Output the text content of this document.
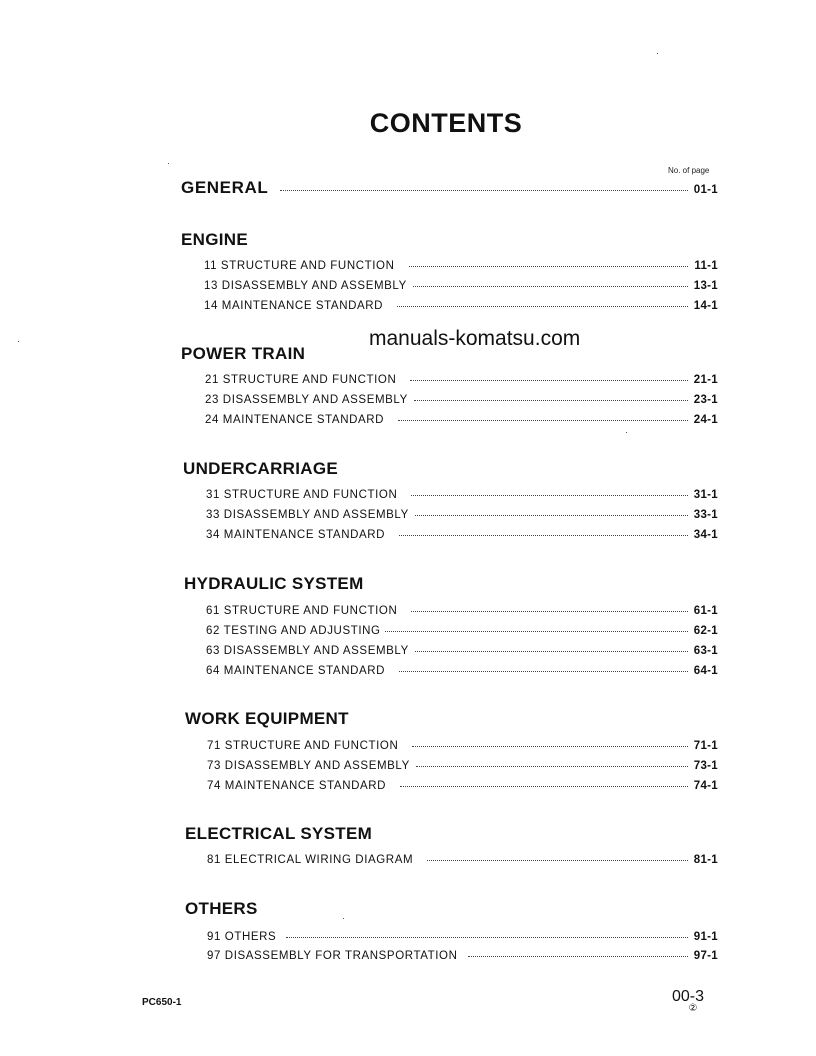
CONTENTS
No. of page
GENERAL	01-1
ENGINE
11 STRUCTURE AND FUNCTION	11-1
13 DISASSEMBLY AND ASSEMBLY	13-1
14 MAINTENANCE STANDARD	14-1
manuals-komatsu.com
POWER TRAIN
21 STRUCTURE AND FUNCTION	21-1
23 DISASSEMBLY AND ASSEMBLY	23-1
24 MAINTENANCE STANDARD	24-1
UNDERCARRIAGE
31 STRUCTURE AND FUNCTION	31-1
33 DISASSEMBLY AND ASSEMBLY	33-1
34 MAINTENANCE STANDARD	34-1
HYDRAULIC SYSTEM
61 STRUCTURE AND FUNCTION	61-1
62 TESTING AND ADJUSTING	62-1
63 DISASSEMBLY AND ASSEMBLY	63-1
64 MAINTENANCE STANDARD	64-1
WORK EQUIPMENT
71 STRUCTURE AND FUNCTION	71-1
73 DISASSEMBLY AND ASSEMBLY	73-1
74 MAINTENANCE STANDARD	74-1
ELECTRICAL SYSTEM
81 ELECTRICAL WIRING DIAGRAM	81-1
OTHERS
91 OTHERS	91-1
97 DISASSEMBLY FOR TRANSPORTATION	97-1
PC650-1	00-3
②
